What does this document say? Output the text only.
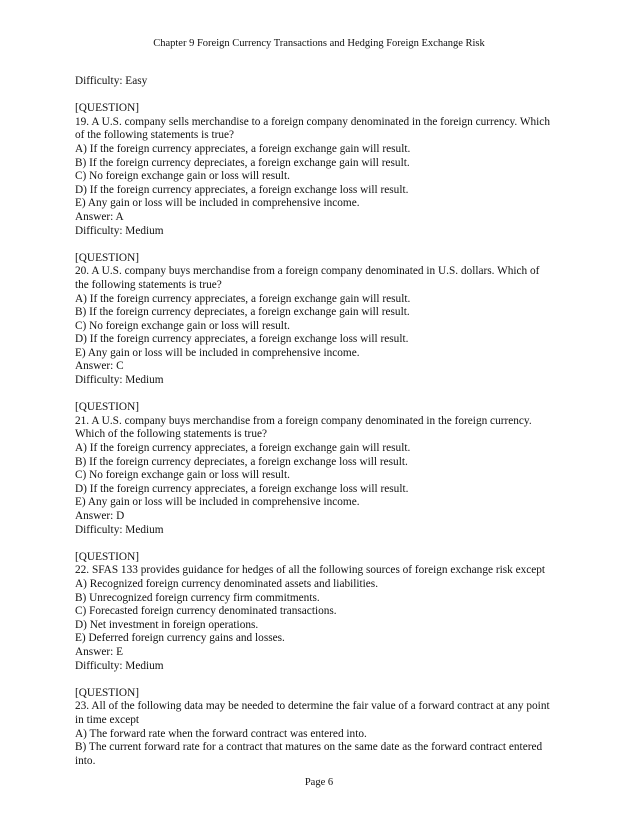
Chapter 9 Foreign Currency Transactions and Hedging Foreign Exchange Risk
Difficulty: Easy
[QUESTION]
19. A U.S. company sells merchandise to a foreign company denominated in the foreign currency. Which
of the following statements is true?
A) If the foreign currency appreciates, a foreign exchange gain will result.
B) If the foreign currency depreciates, a foreign exchange gain will result.
C) No foreign exchange gain or loss will result.
D) If the foreign currency appreciates, a foreign exchange loss will result.
E) Any gain or loss will be included in comprehensive income.
Answer: A
Difficulty: Medium
[QUESTION]
20. A U.S. company buys merchandise from a foreign company denominated in U.S. dollars. Which of
the following statements is true?
A) If the foreign currency appreciates, a foreign exchange gain will result.
B) If the foreign currency depreciates, a foreign exchange gain will result.
C) No foreign exchange gain or loss will result.
D) If the foreign currency appreciates, a foreign exchange loss will result.
E) Any gain or loss will be included in comprehensive income.
Answer: C
Difficulty: Medium
[QUESTION]
21. A U.S. company buys merchandise from a foreign company denominated in the foreign currency.
Which of the following statements is true?
A) If the foreign currency appreciates, a foreign exchange gain will result.
B) If the foreign currency depreciates, a foreign exchange loss will result.
C) No foreign exchange gain or loss will result.
D) If the foreign currency appreciates, a foreign exchange loss will result.
E) Any gain or loss will be included in comprehensive income.
Answer: D
Difficulty: Medium
[QUESTION]
22. SFAS 133 provides guidance for hedges of all the following sources of foreign exchange risk except
A) Recognized foreign currency denominated assets and liabilities.
B) Unrecognized foreign currency firm commitments.
C) Forecasted foreign currency denominated transactions.
D) Net investment in foreign operations.
E) Deferred foreign currency gains and losses.
Answer: E
Difficulty: Medium
[QUESTION]
23. All of the following data may be needed to determine the fair value of a forward contract at any point
in time except
A) The forward rate when the forward contract was entered into.
B) The current forward rate for a contract that matures on the same date as the forward contract entered
into.
Page 6
